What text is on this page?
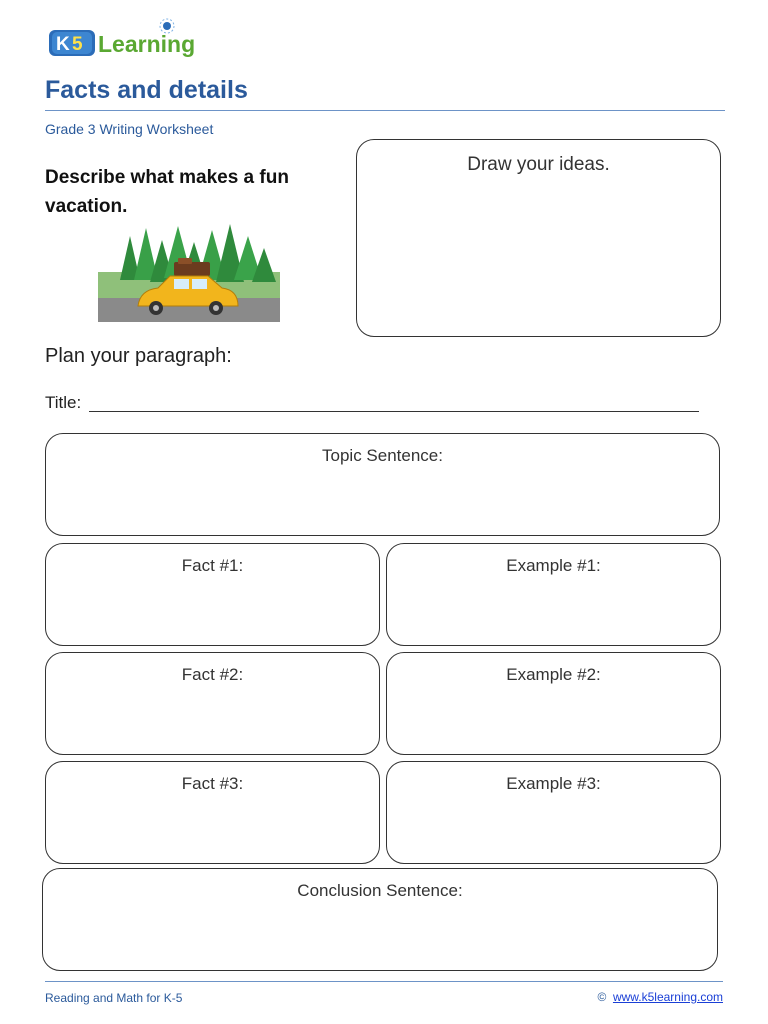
K 5 Learning
Facts and details
Grade 3 Writing Worksheet
Describe what makes a fun vacation.
Draw your ideas.
Plan your paragraph:
Title:
Topic Sentence:
Fact #1:	Example #1:
Fact #2:	Example #2:
Fact #3:	Example #3:
Conclusion Sentence:
Reading and Math for K-5	© www.k5learning.com
